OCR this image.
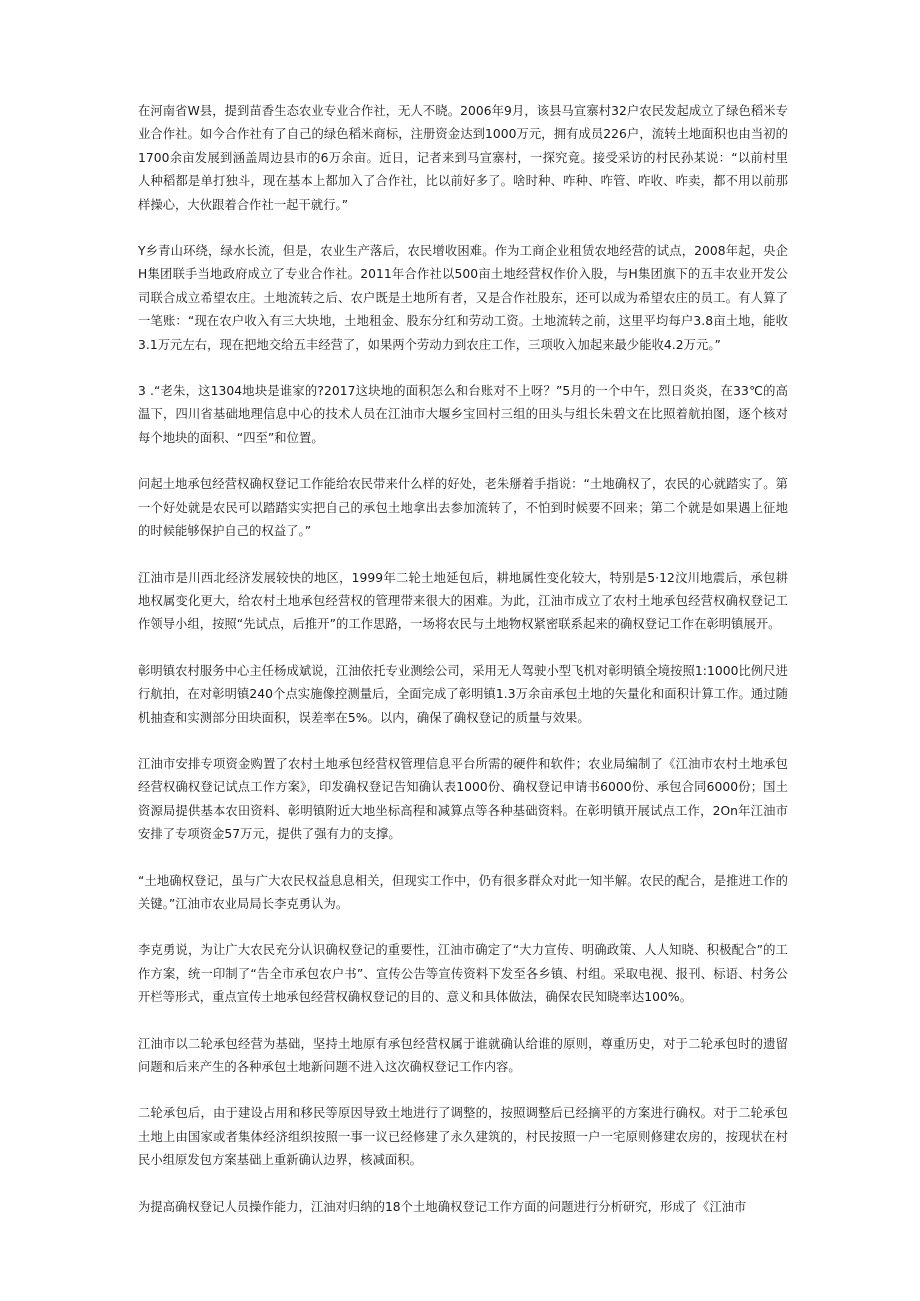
在河南省W县，提到苗香生态农业专业合作社，无人不晓。2006年9月，该县马宣寨村32户农民发起成立了绿色稻米专业合作社。如今合作社有了自己的绿色稻米商标，注册资金达到1000万元，拥有成员226户，流转土地面积也由当初的1700余亩发展到涵盖周边县市的6万余亩。近日，记者来到马宣寨村，一探究竟。接受采访的村民孙某说：“以前村里人种稻都是单打独斗，现在基本上都加入了合作社，比以前好多了。啥时种、咋种、咋管、咋收、咋卖，都不用以前那样操心，大伙跟着合作社一起干就行。”

Y乡青山环绕，绿水长流，但是，农业生产落后，农民增收困难。作为工商企业租赁农地经营的试点，2008年起，央企H集团联手当地政府成立了专业合作社。2011年合作社以500亩土地经营权作价入股，与H集团旗下的五丰农业开发公司联合成立希望农庄。土地流转之后、农户既是土地所有者，又是合作社股东，还可以成为希望农庄的员工。有人算了一笔账：“现在农户收入有三大块地，土地租金、股东分红和劳动工资。土地流转之前，这里平均每户3.8亩土地，能收3.1万元左右，现在把地交给五丰经营了，如果两个劳动力到农庄工作，三项收入加起来最少能收4.2万元。”

3 .“老朱，这1304地块是谁家的?2017这块地的面积怎么和台账对不上呀？”5月的一个中午，烈日炎炎，在33℃的高温下，四川省基础地理信息中心的技术人员在江油市大堰乡宝回村三组的田头与组长朱碧文在比照着航拍图，逐个核对每个地块的面积、“四至”和位置。

问起土地承包经营权确权登记工作能给农民带来什么样的好处，老朱掰着手指说：“土地确权了，农民的心就踏实了。第一个好处就是农民可以踏踏实实把自己的承包土地拿出去参加流转了，不怕到时候要不回来；第二个就是如果遇上征地的时候能够保护自己的权益了。”

江油市是川西北经济发展较快的地区，1999年二轮土地延包后，耕地属性变化较大，特别是5·12汶川地震后，承包耕地权属变化更大，给农村土地承包经营权的管理带来很大的困难。为此，江油市成立了农村土地承包经营权确权登记工作领导小组，按照“先试点，后推开”的工作思路，一场将农民与土地物权紧密联系起来的确权登记工作在彰明镇展开。

彰明镇农村服务中心主任杨成斌说，江油依托专业测绘公司，采用无人驾驶小型飞机对彰明镇全境按照1:1000比例尺进行航拍，在对彰明镇240个点实施像控测量后，全面完成了彰明镇1.3万余亩承包土地的矢量化和面积计算工作。通过随机抽查和实测部分田块面积，误差率在5%。以内，确保了确权登记的质量与效果。

江油市安排专项资金购置了农村土地承包经营权管理信息平台所需的硬件和软件；农业局编制了《江油市农村土地承包经营权确权登记试点工作方案》，印发确权登记告知确认表1000份、确权登记申请书6000份、承包合同6000份；国土资源局提供基本农田资料、彰明镇附近大地坐标高程和减算点等各种基础资料。在彰明镇开展试点工作，2On年江油市安排了专项资金57万元，提供了强有力的支撑。

“土地确权登记，虽与广大农民权益息息相关，但现实工作中，仍有很多群众对此一知半解。农民的配合，是推进工作的关键。”江油市农业局局长李克勇认为。

李克勇说，为让广大农民充分认识确权登记的重要性，江油市确定了“大力宣传、明确政策、人人知晓、积极配合”的工作方案，统一印制了“告全市承包农户书”、宣传公告等宣传资料下发至各乡镇、村组。采取电视、报刊、标语、村务公开栏等形式，重点宣传土地承包经营权确权登记的目的、意义和具体做法，确保农民知晓率达100%。

江油市以二轮承包经营为基础，坚持土地原有承包经营权属于谁就确认给谁的原则，尊重历史，对于二轮承包时的遗留问题和后来产生的各种承包土地新问题不进入这次确权登记工作内容。

二轮承包后，由于建设占用和移民等原因导致土地进行了调整的，按照调整后已经摘平的方案进行确权。对于二轮承包土地上由国家或者集体经济组织按照一事一议已经修建了永久建筑的，村民按照一户一宅原则修建农房的，按现状在村民小组原发包方案基础上重新确认边界，核减面积。

为提高确权登记人员操作能力，江油对归纳的18个土地确权登记工作方面的问题进行分析研究，形成了《江油市
